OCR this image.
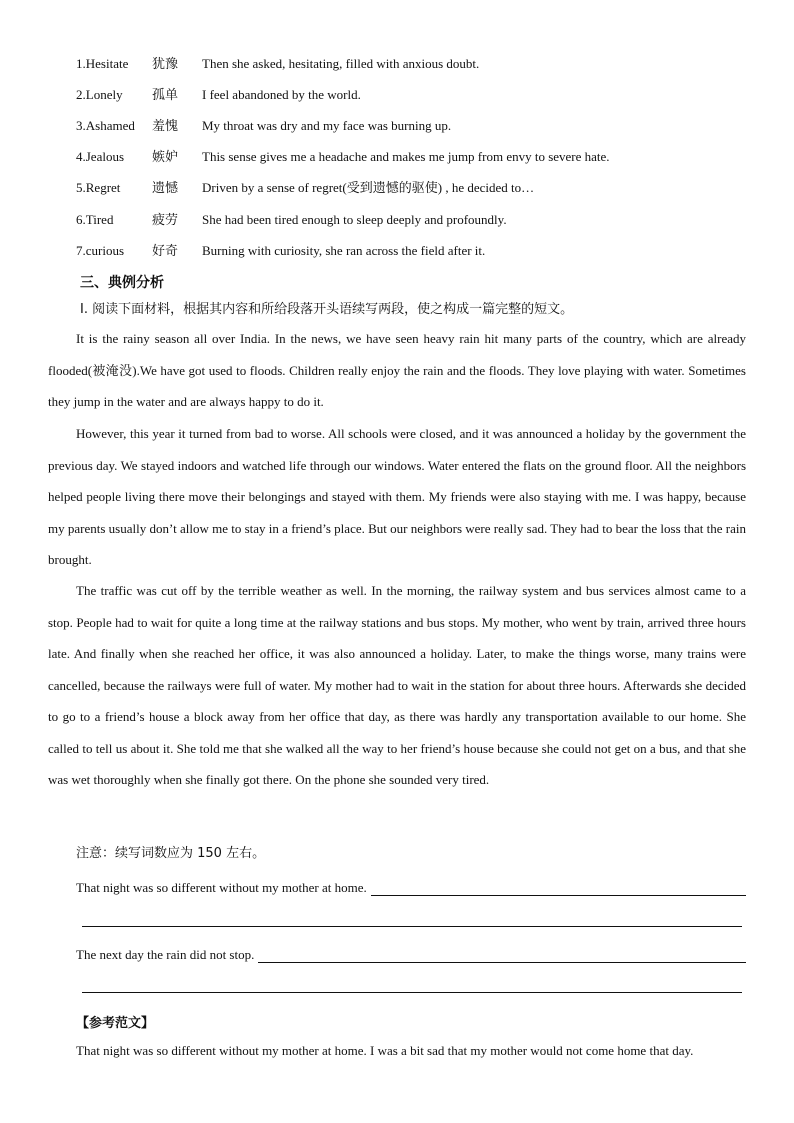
1.Hesitate 犹豫 Then she asked, hesitating, filled with anxious doubt.
2.Lonely 孤单 I feel abandoned by the world.
3.Ashamed 羞愧 My throat was dry and my face was burning up.
4.Jealous 嫉妒 This sense gives me a headache and makes me jump from envy to severe hate.
5.Regret 遗憾 Driven by a sense of regret(受到遗憾的驱使) , he decided to…
6.Tired	疲劳 She had been tired enough to sleep deeply and profoundly.
7.curious 好奇 Burning with curiosity, she ran across the field after it.
三、典例分析
Ⅰ. 阅读下面材料，根据其内容和所给段落开头语续写两段，使之构成一篇完整的短文。

It is the rainy season all over India. In the news, we have seen heavy rain hit many parts of the country, which are already flooded(被淹没).We have got used to floods. Children really enjoy the rain and the floods. They love playing with water. Sometimes they jump in the water and are always happy to do it.

However, this year it turned from bad to worse. All schools were closed, and it was announced a holiday by the government the previous day. We stayed indoors and watched life through our windows. Water entered the flats on the ground floor. All the neighbors helped people living there move their belongings and stayed with them. My friends were also staying with me. I was happy, because my parents usually don’t allow me to stay in a friend’s place. But our neighbors were really sad. They had to bear the loss that the rain brought.

The traffic was cut off by the terrible weather as well. In the morning, the railway system and bus services almost came to a stop. People had to wait for quite a long time at the railway stations and bus stops. My mother, who went by train, arrived three hours late. And finally when she reached her office, it was also announced a holiday. Later, to make the things worse, many trains were cancelled, because the railways were full of water. My mother had to wait in the station for about three hours. Afterwards she decided to go to a friend’s house a block away from her office that day, as there was hardly any transportation available to our home. She called to tell us about it. She told me that she walked all the way to her friend’s house because she could not get on a bus, and that she was wet thoroughly when she finally got there. On the phone she sounded very tired.

注意：续写词数应为 150 左右。
That night was so different without my mother at home.
The next day the rain did not stop.
【参考范文】
That night was so different without my mother at home. I was a bit sad that my mother would not come home that day.
